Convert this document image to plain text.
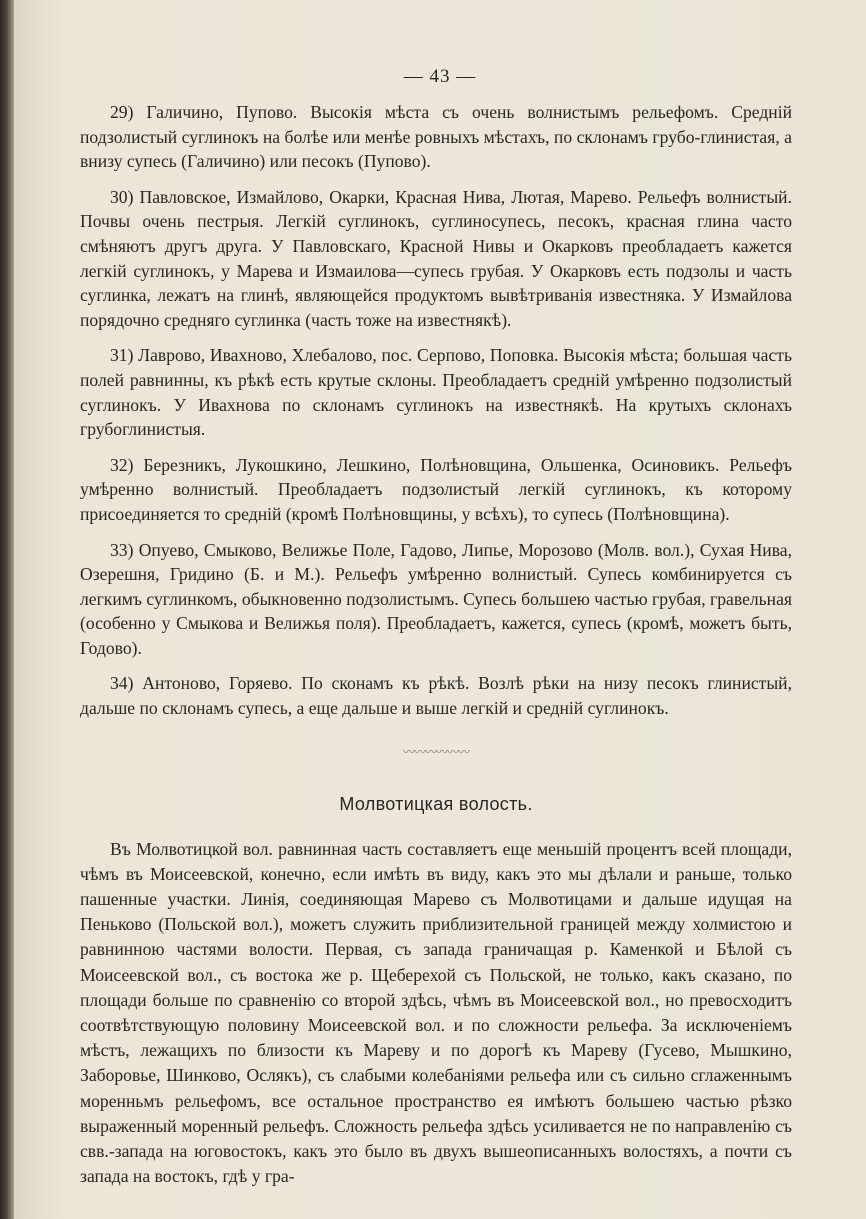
— 43 —

29) Галичино, Пупово. Высокія мѣста съ очень волнистымъ рельефомъ. Средній подзолистый суглинокъ на болѣе или менѣе ровныхъ мѣстахъ, по склонамъ грубо-глинистая, а внизу супесь (Галичино) или песокъ (Пупово).

30) Павловское, Измайлово, Окарки, Красная Нива, Лютая, Марево. Рельефъ волнистый. Почвы очень пестрыя. Легкій суглинокъ, суглиносупесь, песокъ, красная глина часто смѣняютъ другъ друга. У Павловскаго, Красной Нивы и Окарковъ преобладаетъ кажется легкій суглинокъ, у Марева и Измаилова—супесь грубая. У Окарковъ есть подзолы и часть суглинка, лежатъ на глинѣ, являющейся продуктомъ вывѣтриванія известняка. У Измайлова порядочно средняго суглинка (часть тоже на известнякѣ).

31) Лаврово, Ивахново, Хлебалово, пос. Серпово, Поповка. Высокія мѣста; большая часть полей равнинны, къ рѣкѣ есть крутые склоны. Преобладаетъ средній умѣренно подзолистый суглинокъ. У Ивахнова по склонамъ суглинокъ на известнякѣ. На крутыхъ склонахъ грубоглинистыя.

32) Березникъ, Лукошкино, Лешкино, Полѣновщина, Ольшенка, Осиновикъ. Рельефъ умѣренно волнистый. Преобладаетъ подзолистый легкій суглинокъ, къ которому присоединяется то средній (кромѣ Полѣновщины, у всѣхъ), то супесь (Полѣновщина).

33) Опуево, Смыково, Велижье Поле, Гадово, Липье, Морозово (Молв. вол.), Сухая Нива, Озерешня, Гридино (Б. и М.). Рельефъ умѣренно волнистый. Супесь комбинируется съ легкимъ суглинкомъ, обыкновенно подзолистымъ. Супесь большею частью грубая, гравельная (особенно у Смыкова и Велижья поля). Преобладаетъ, кажется, супесь (кромѣ, можетъ быть, Годово).

34) Антоново, Горяево. По сконамъ къ рѣкѣ. Возлѣ рѣки на низу песокъ глинистый, дальше по склонамъ супесь, а еще дальше и выше легкій и средній суглинокъ.

〰〰〰〰〰〰
Молвотицкая волость.

Въ Молвотицкой вол. равнинная часть составляетъ еще меньшій процентъ всей площади, чѣмъ въ Моисеевской, конечно, если имѣть въ виду, какъ это мы дѣлали и раньше, только пашенные участки. Линія, соединяющая Марево съ Молвотицами и дальше идущая на Пеньково (Польской вол.), можетъ служить приблизительной границей между холмистою и равнинною частями волости. Первая, съ запада граничащая р. Каменкой и Бѣлой съ Моисеевской вол., съ востока же р. Щеберехой съ Польской, не только, какъ сказано, по площади больше по сравненію со второй здѣсь, чѣмъ въ Моисеевской вол., но превосходитъ соотвѣтствующую половину Моисеевской вол. и по сложности рельефа. За исключеніемъ мѣстъ, лежащихъ по близости къ Мареву и по дорогѣ къ Мареву (Гусево, Мышкино, Заборовье, Шинково, Ослякъ), съ слабыми колебаніями рельефа или съ сильно сглаженнымъ моренньмъ рельефомъ, все остальное пространство ея имѣютъ большею частью рѣзко выраженный моренный рельефъ. Сложность рельефа здѣсь усиливается не по направленію съ свв.-запада на юговостокъ, какъ это было въ двухъ вышеописанныхъ волостяхъ, а почти съ запада на востокъ, гдѣ у гра-
